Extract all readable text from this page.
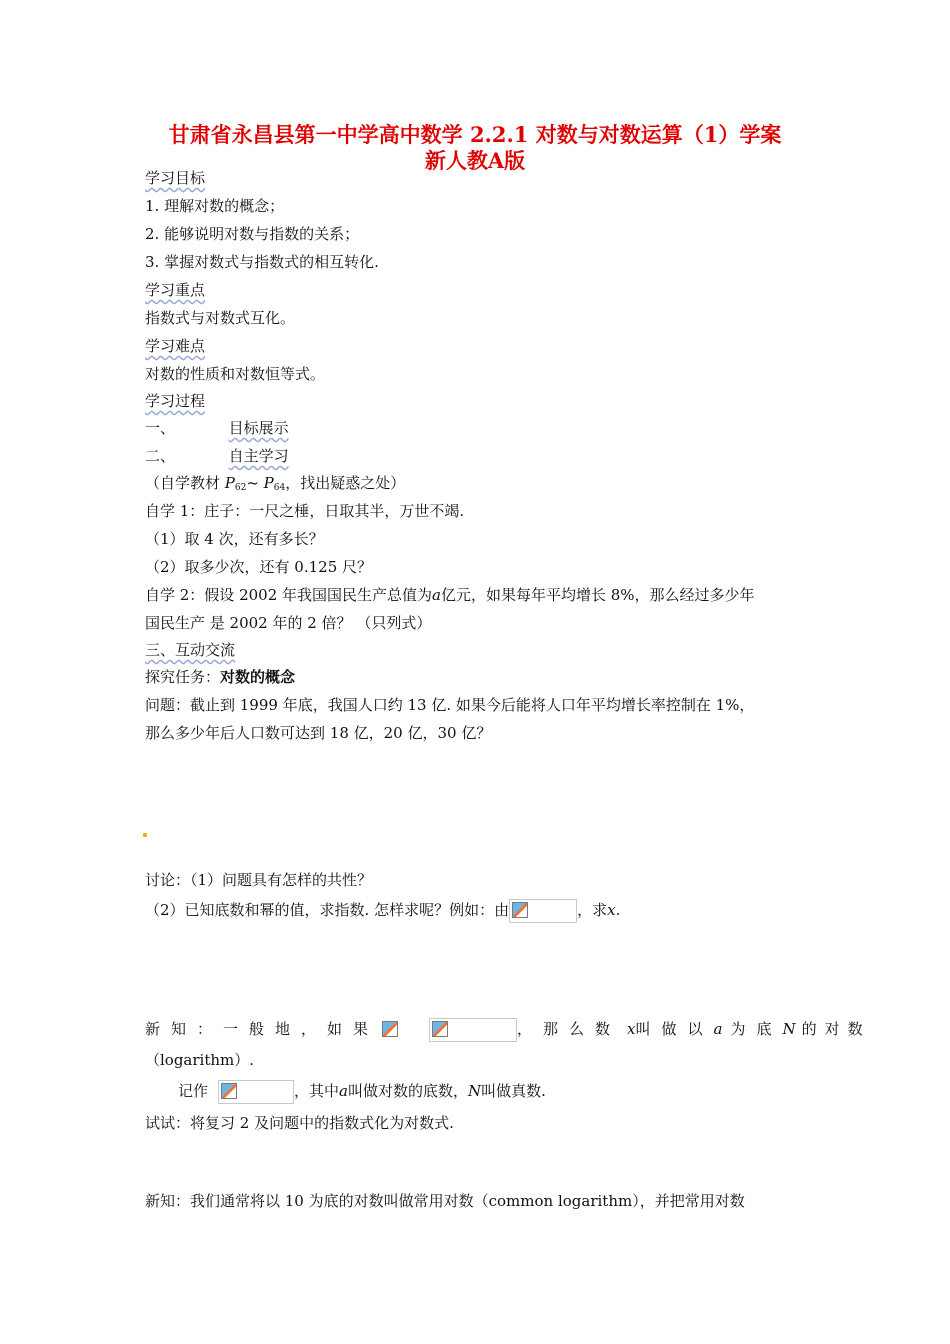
甘肃省永昌县第一中学高中数学 2.2.1 对数与对数运算（1）学案
新人教A版
学习目标
1. 理解对数的概念；
2. 能够说明对数与指数的关系；
3. 掌握对数式与指数式的相互转化.
学习重点
指数式与对数式互化。
学习难点
对数的性质和对数恒等式。
学习过程
一、	目标展示
二、	自主学习
（自学教材 $P_{62}\sim$ $P_{64}$，找出疑惑之处）
自学 1：庄子：一尺之棰，日取其半，万世不竭.
（1）取 4 次，还有多长？
（2）取多少次，还有 0.125 尺？
自学 2：假设 2002 年我国国民生产总值为a亿元，如果每年平均增长 8%，那么经过多少年
国民生产 是 2002 年的 2 倍？ （只列式）
三、互动交流
探究任务：对数的概念
问题：截止到 1999 年底，我国人口约 13 亿. 如果今后能将人口年平均增长率控制在 1%，
那么多少年后人口数可达到 18 亿，20 亿，30 亿？
讨论：（1）问题具有怎样的共性？
（2）已知底数和幂的值，求指数. 怎样求呢？例如：由	，求x.
新知：一般地，如果	，那么数 x叫做以a 为底N 的对数
（logarithm）.
记作	，其中a叫做对数的底数，N叫做真数.
试试：将复习 2 及问题中的指数式化为对数式.
新知：我们通常将以 10 为底的对数叫做常用对数（common logarithm），并把常用对数
